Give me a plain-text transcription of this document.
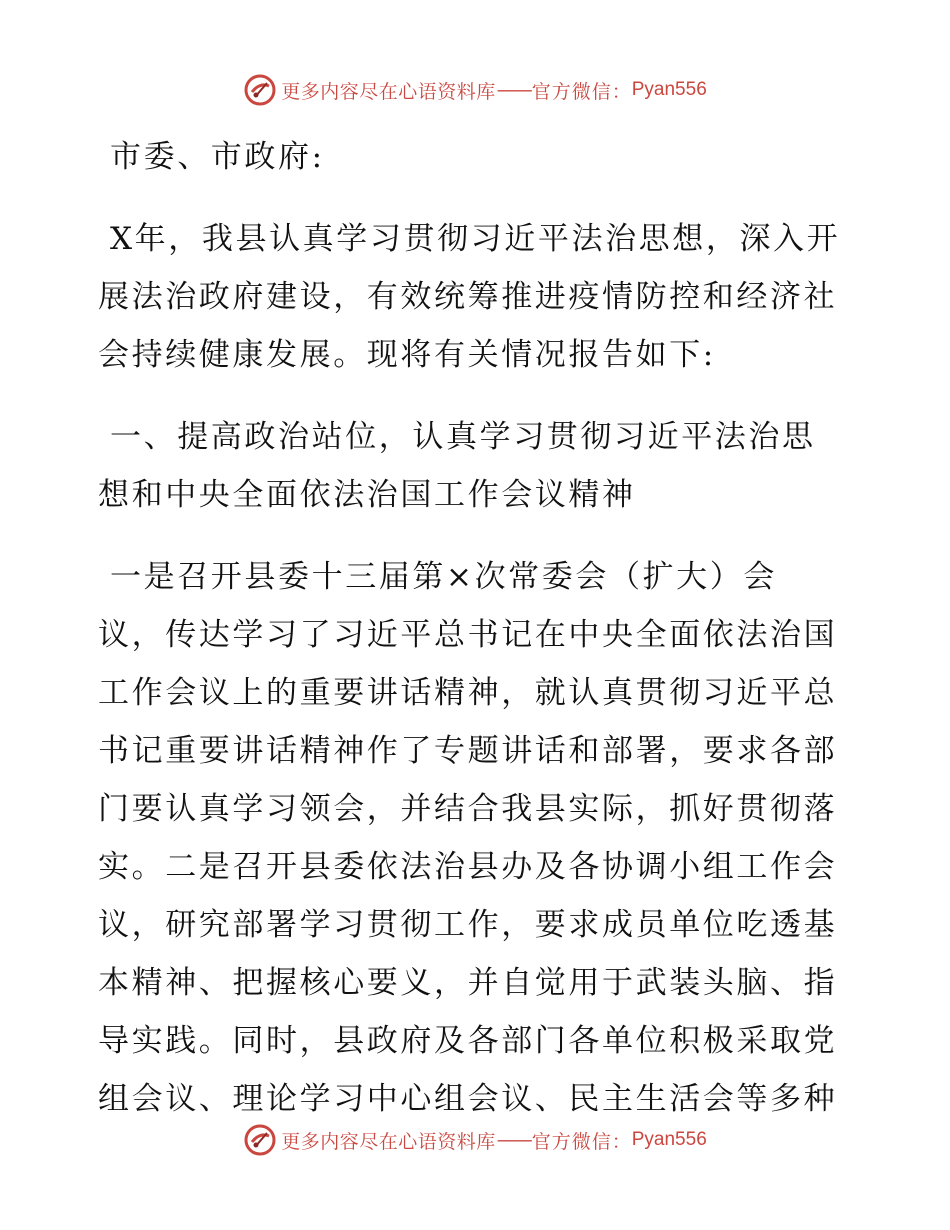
更多内容尽在心语资料库 —— 官方微信： Pyan556
市委、市政府:
X年，我县认真学习贯彻习近平法治思想，深入开
展法治政府建设，有效统筹推进疫情防控和经济社
会持续健康发展。现将有关情况报告如下:
一、提高政治站位，认真学习贯彻习近平法治思
想和中央全面依法治国工作会议精神
一是召开县委十三届第×次常委会（扩大）会
议，传达学习了习近平总书记在中央全面依法治国
工作会议上的重要讲话精神，就认真贯彻习近平总
书记重要讲话精神作了专题讲话和部署，要求各部
门要认真学习领会，并结合我县实际，抓好贯彻落
实。二是召开县委依法治县办及各协调小组工作会
议，研究部署学习贯彻工作，要求成员单位吃透基
本精神、把握核心要义，并自觉用于武装头脑、指
导实践。同时，县政府及各部门各单位积极采取党
组会议、理论学习中心组会议、民主生活会等多种
更多内容尽在心语资料库 —— 官方微信： Pyan556
